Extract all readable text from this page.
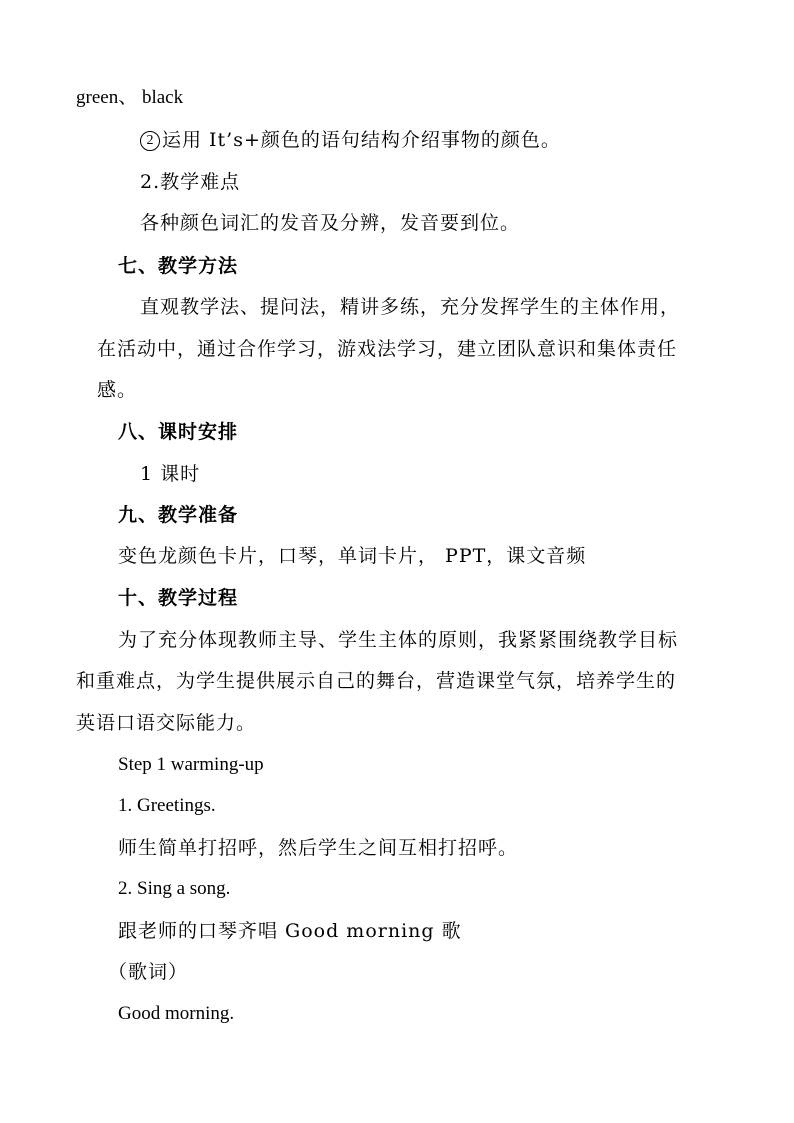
green、 black
2 运用 It’s+颜色的语句结构介绍事物的颜色。
2.教学难点
各种颜色词汇的发音及分辨，发音要到位。
七、教学方法
直观教学法、提问法，精讲多练，充分发挥学生的主体作用，
在活动中，通过合作学习，游戏法学习，建立团队意识和集体责任
感。
八、课时安排
1 课时
九、教学准备
变色龙颜色卡片，口琴，单词卡片， PPT，课文音频
十、教学过程
为了充分体现教师主导、学生主体的原则，我紧紧围绕教学目标
和重难点，为学生提供展示自己的舞台，营造课堂气氛，培养学生的
英语口语交际能力。
Step 1 warming-up
1. Greetings.
师生简单打招呼，然后学生之间互相打招呼。
2. Sing a song.
跟老师的口琴齐唱 Good morning 歌
（歌词）
Good morning.
